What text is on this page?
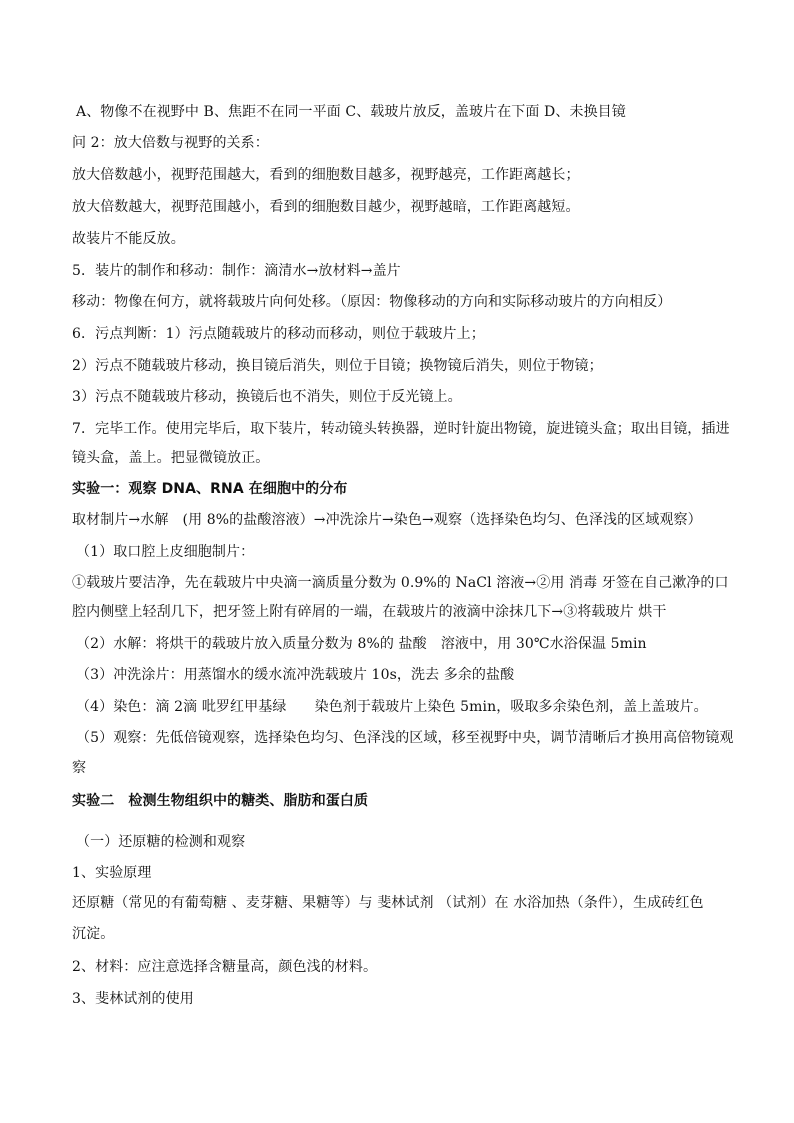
A、物像不在视野中 B、焦距不在同一平面 C、载玻片放反，盖玻片在下面 D、未换目镜
问 2：放大倍数与视野的关系：
放大倍数越小，视野范围越大，看到的细胞数目越多，视野越亮，工作距离越长；
放大倍数越大，视野范围越小，看到的细胞数目越少，视野越暗，工作距离越短。
故装片不能反放。
5．装片的制作和移动：制作：滴清水→放材料→盖片
移动：物像在何方，就将载玻片向何处移。（原因：物像移动的方向和实际移动玻片的方向相反）
6．污点判断：1）污点随载玻片的移动而移动，则位于载玻片上；
2）污点不随载玻片移动，换目镜后消失，则位于目镜；换物镜后消失，则位于物镜；
3）污点不随载玻片移动，换镜后也不消失，则位于反光镜上。
7．完毕工作。使用完毕后，取下装片，转动镜头转换器，逆时针旋出物镜，旋进镜头盒；取出目镜，插进
镜头盒，盖上。把显微镜放正。
实验一：观察 DNA、RNA 在细胞中的分布
取材制片→水解　(用 8%的盐酸溶液）→冲洗涂片→染色→观察（选择染色均匀、色泽浅的区域观察）
（1）取口腔上皮细胞制片：
①载玻片要洁净，先在载玻片中央滴一滴质量分数为 0.9%的 NaCl 溶液→②用 消毒 牙签在自己漱净的口
腔内侧壁上轻刮几下，把牙签上附有碎屑的一端，在载玻片的液滴中涂抹几下→③将载玻片 烘干
（2）水解：将烘干的载玻片放入质量分数为 8%的 盐酸　溶液中，用 30℃水浴保温 5min
（3）冲洗涂片：用蒸馏水的缓水流冲洗载玻片 10s，洗去 多余的盐酸
（4）染色：滴 2滴 吡罗红甲基绿　　染色剂于载玻片上染色 5min，吸取多余染色剂，盖上盖玻片。
（5）观察：先低倍镜观察，选择染色均匀、色泽浅的区域，移至视野中央，调节清晰后才换用高倍物镜观
察
实验二　检测生物组织中的糖类、脂肪和蛋白质
（一）还原糖的检测和观察
1、实验原理
还原糖（常见的有葡萄糖 、麦芽糖、果糖等）与 斐林试剂 （试剂）在 水浴加热（条件），生成砖红色
沉淀。
2、材料：应注意选择含糖量高，颜色浅的材料。
3、斐林试剂的使用
